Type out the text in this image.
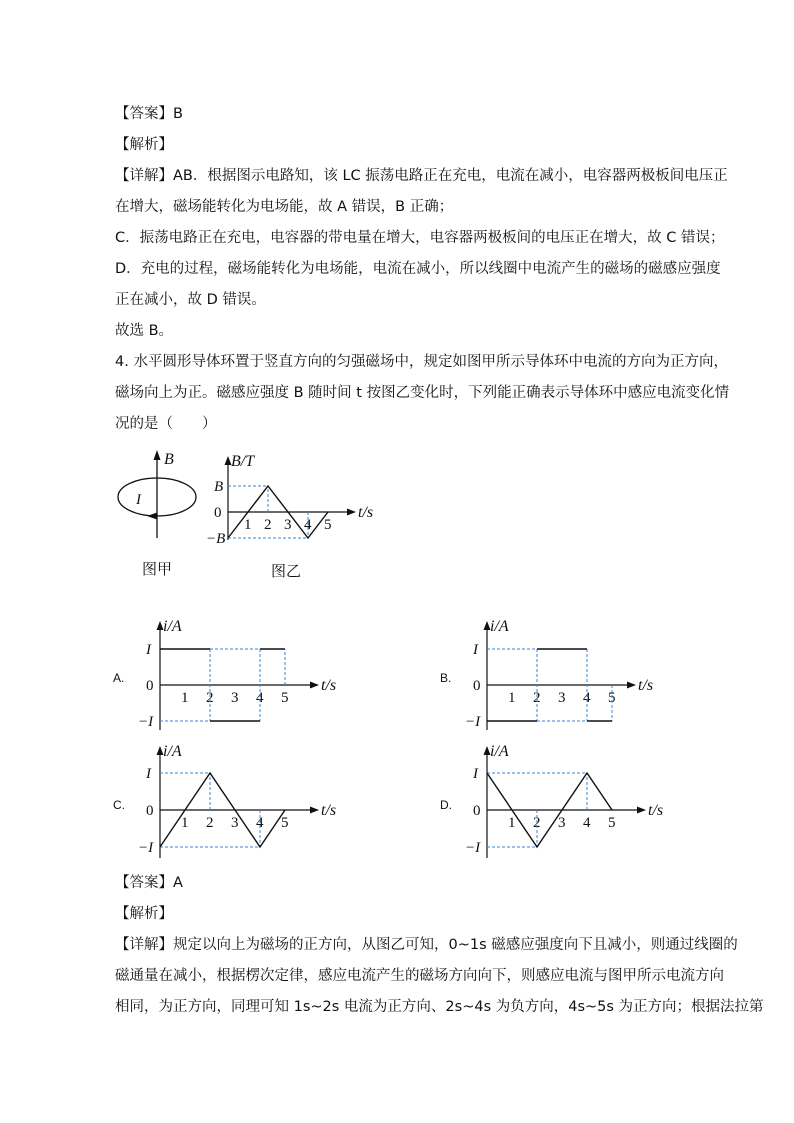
【答案】B
【解析】
【详解】AB．根据图示电路知，该 LC 振荡电路正在充电，电流在减小，电容器两极板间电压正
在增大，磁场能转化为电场能，故 A 错误，B 正确；
C．振荡电路正在充电，电容器的带电量在增大，电容器两极板间的电压正在增大，故 C 错误；
D．充电的过程，磁场能转化为电场能，电流在减小，所以线圈中电流产生的磁场的磁感应强度
正在减小，故 D 错误。
故选 B。
4. 水平圆形导体环置于竖直方向的匀强磁场中，规定如图甲所示导体环中电流的方向为正方向，
磁场向上为正。磁感应强度 B 随时间 t 按图乙变化时，下列能正确表示导体环中感应电流变化情
况的是（　　）
B
I
图甲
B/T
t/s
0
B
−B
1 2 3 4 5
图乙
A.
i/A
t/s
0
I
−I
1 2 3 4 5
B.
i/A
t/s
0
I
−I
1 2 3 4 5
C.
i/A
t/s
0
I
−I
1 2 3 4 5
D.
i/A
t/s
0
I
−I
1 2 3 4 5
【答案】A
【解析】
【详解】规定以向上为磁场的正方向，从图乙可知，0~1s 磁感应强度向下且减小，则通过线圈的
磁通量在减小，根据楞次定律，感应电流产生的磁场方向向下，则感应电流与图甲所示电流方向
相同，为正方向，同理可知 1s~2s 电流为正方向、2s~4s 为负方向，4s~5s 为正方向；根据法拉第
